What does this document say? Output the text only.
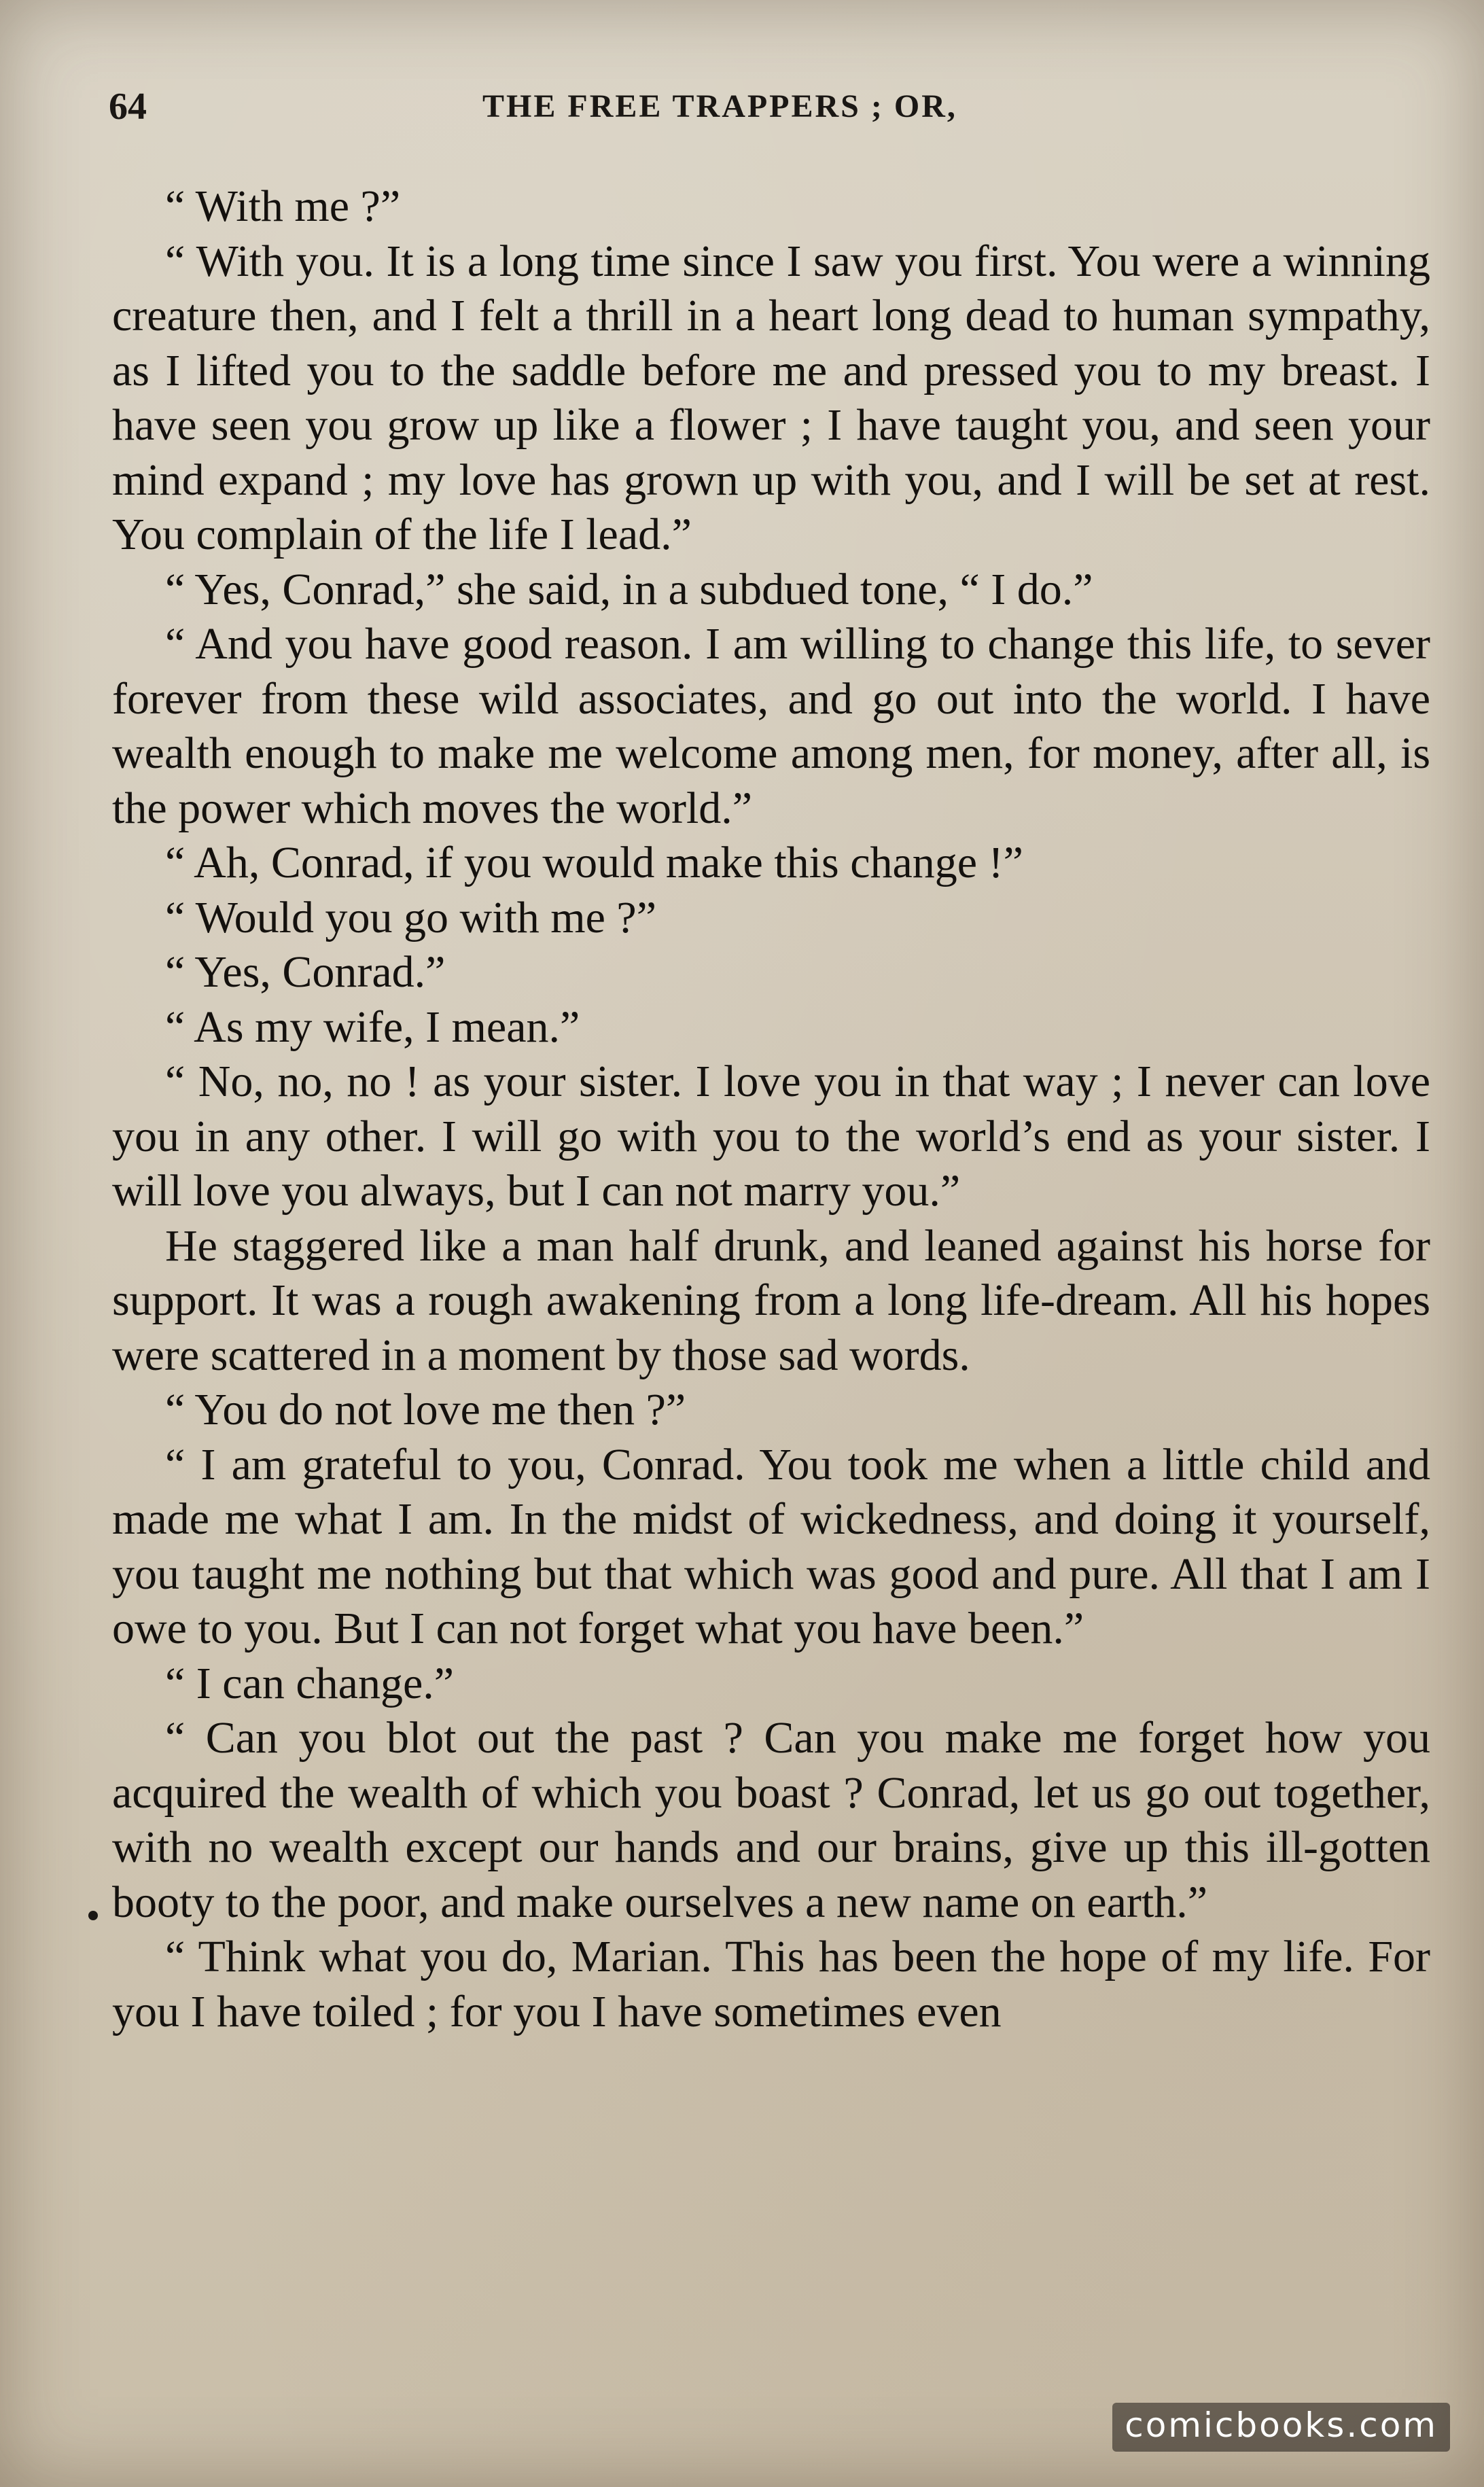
64	THE FREE TRAPPERS ; OR,

“ With me ?”

“ With you. It is a long time since I saw you first. You were a winning creature then, and I felt a thrill in a heart long dead to human sympathy, as I lifted you to the saddle before me and pressed you to my breast. I have seen you grow up like a flower ; I have taught you, and seen your mind expand ; my love has grown up with you, and I will be set at rest. You complain of the life I lead.”

“ Yes, Conrad,” she said, in a subdued tone, “ I do.”

“ And you have good reason. I am willing to change this life, to sever forever from these wild associates, and go out into the world. I have wealth enough to make me welcome among men, for money, after all, is the power which moves the world.”

“ Ah, Conrad, if you would make this change !”

“ Would you go with me ?”

“ Yes, Conrad.”

“ As my wife, I mean.”

“ No, no, no ! as your sister. I love you in that way ; I never can love you in any other. I will go with you to the world’s end as your sister. I will love you always, but I can not marry you.”

He staggered like a man half drunk, and leaned against his horse for support. It was a rough awakening from a long life-dream. All his hopes were scattered in a moment by those sad words.

“ You do not love me then ?”

“ I am grateful to you, Conrad. You took me when a little child and made me what I am. In the midst of wickedness, and doing it yourself, you taught me nothing but that which was good and pure. All that I am I owe to you. But I can not forget what you have been.”

“ I can change.”

“ Can you blot out the past ? Can you make me forget how you acquired the wealth of which you boast ? Conrad, let us go out together, with no wealth except our hands and our brains, give up this ill-gotten booty to the poor, and make ourselves a new name on earth.”

“ Think what you do, Marian. This has been the hope of my life. For you I have toiled ; for you I have sometimes even

comicbooks.com
